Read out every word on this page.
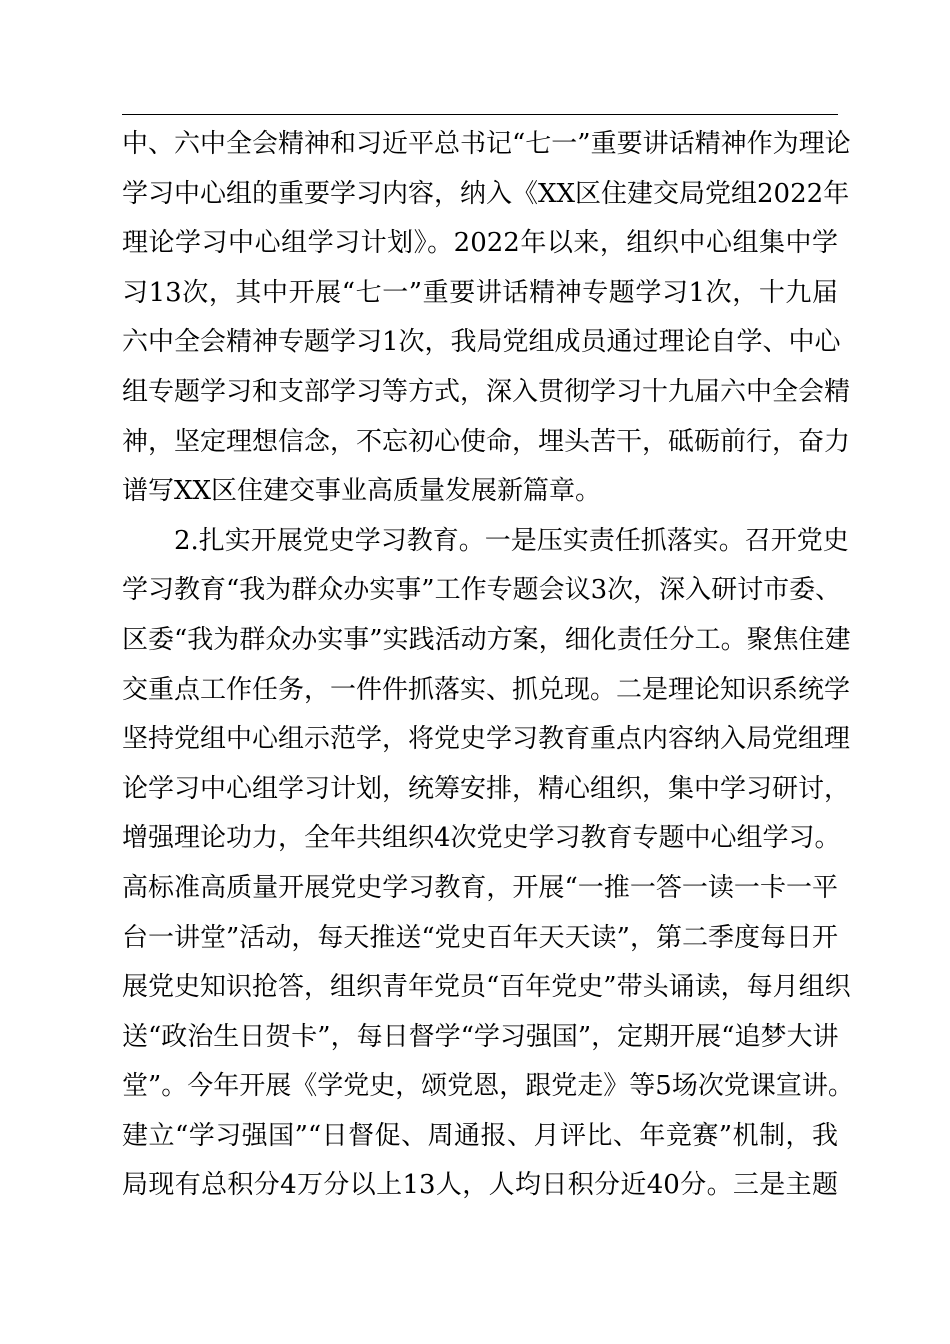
中、六中全会精神和习近平总书记“七一”重要讲话精神作为理论
学习中心组的重要学习内容，纳入《XX区住建交局党组2022年
理论学习中心组学习计划》。2022年以来，组织中心组集中学
习13次，其中开展“七一”重要讲话精神专题学习1次，十九届
六中全会精神专题学习1次，我局党组成员通过理论自学、中心
组专题学习和支部学习等方式，深入贯彻学习十九届六中全会精
神，坚定理想信念，不忘初心使命，埋头苦干，砥砺前行，奋力
谱写XX区住建交事业高质量发展新篇章。
2.扎实开展党史学习教育。一是压实责任抓落实。召开党史
学习教育“我为群众办实事”工作专题会议3次，深入研讨市委、
区委“我为群众办实事”实践活动方案，细化责任分工。聚焦住建
交重点工作任务，一件件抓落实、抓兑现。二是理论知识系统学
坚持党组中心组示范学，将党史学习教育重点内容纳入局党组理
论学习中心组学习计划，统筹安排，精心组织，集中学习研讨，
增强理论功力，全年共组织4次党史学习教育专题中心组学习。
高标准高质量开展党史学习教育，开展“一推一答一读一卡一平
台一讲堂”活动，每天推送“党史百年天天读”，第二季度每日开
展党史知识抢答，组织青年党员“百年党史”带头诵读，每月组织
送“政治生日贺卡”，每日督学“学习强国”，定期开展“追梦大讲
堂”。今年开展《学党史，颂党恩，跟党走》等5场次党课宣讲。
建立“学习强国”“日督促、周通报、月评比、年竞赛”机制，我
局现有总积分4万分以上13人，人均日积分近40分。三是主题
